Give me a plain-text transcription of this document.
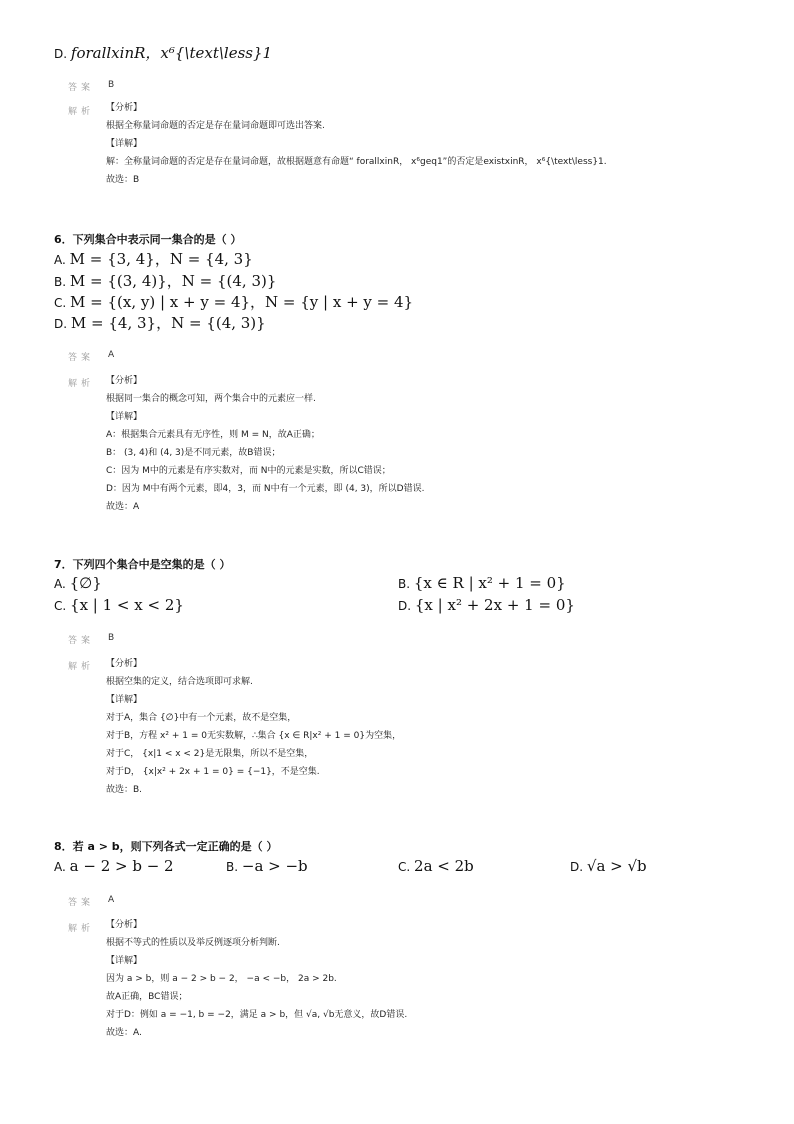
D. forallxinR，x⁶{\text\less}1
答案 B
解析 【分析】
根据全称量词命题的否定是存在量词命题即可选出答案.
【详解】
解：全称量词命题的否定是存在量词命题，故根据题意有命题“ forallxinR， x⁶geq1”的否定是existxinR， x⁶{\text\less}1.
故选：B
6．下列集合中表示同一集合的是（ ）
A. M = {3, 4}，N = {4, 3}
B. M = {(3, 4)}，N = {(4, 3)}
C. M = {(x, y) | x + y = 4}，N = {y | x + y = 4}
D. M = {4, 3}，N = {(4, 3)}
答案 A
解析 【分析】
根据同一集合的概念可知，两个集合中的元素应一样.
【详解】
A：根据集合元素具有无序性，则 M = N，故A正确；
B： (3, 4)和 (4, 3)是不同元素，故B错误；
C：因为 M中的元素是有序实数对，而 N中的元素是实数，所以C错误；
D：因为 M中有两个元素，即4，3，而 N中有一个元素，即 (4, 3)，所以D错误.
故选：A
7．下列四个集合中是空集的是（ ）
A. {∅}	B. {x ∈ R | x² + 1 = 0}
C. {x | 1 < x < 2}	D. {x | x² + 2x + 1 = 0}
答案 B
解析 【分析】
根据空集的定义，结合选项即可求解.
【详解】
对于A，集合 {∅}中有一个元素，故不是空集，
对于B，方程 x² + 1 = 0无实数解，∴集合 {x ∈ R|x² + 1 = 0}为空集，
对于C， {x|1 < x < 2}是无限集，所以不是空集，
对于D， {x|x² + 2x + 1 = 0} = {−1}，不是空集.
故选：B.
8．若 a > b，则下列各式一定正确的是（ ）
A. a − 2 > b − 2	B. −a > −b	C. 2a < 2b	D. √a > √b
答案 A
解析 【分析】
根据不等式的性质以及举反例逐项分析判断.
【详解】
因为 a > b，则 a − 2 > b − 2， −a < −b， 2a > 2b.
故A正确，BC错误；
对于D：例如 a = −1, b = −2，满足 a > b，但 √a, √b无意义，故D错误.
故选：A.
